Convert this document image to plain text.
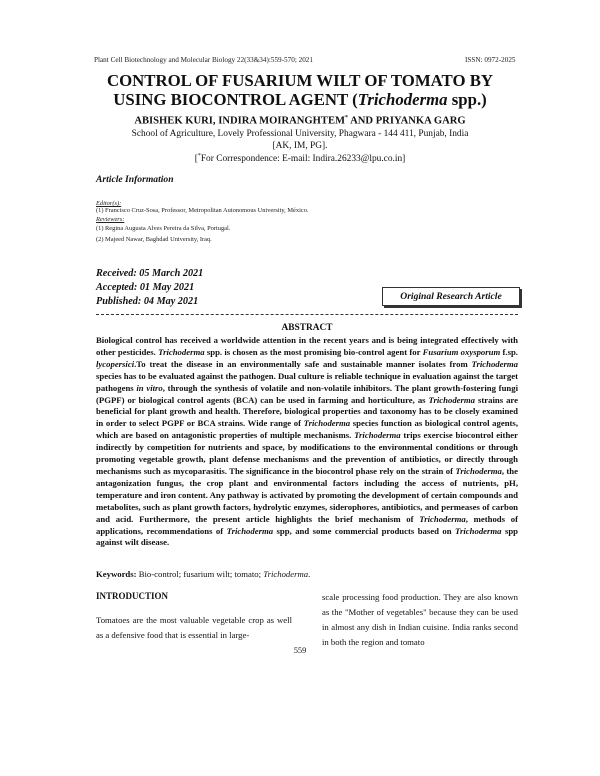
Plant Cell Biotechnology and Molecular Biology 22(33&34):559-570; 2021	ISSN: 0972-2025
CONTROL OF FUSARIUM WILT OF TOMATO BY
USING BIOCONTROL AGENT (Trichoderma spp.)
ABISHEK KURI, INDIRA MOIRANGHTEM* AND PRIYANKA GARG
School of Agriculture, Lovely Professional University, Phagwara - 144 411, Punjab, India
[AK, IM, PG].
[*For Correspondence: E-mail: Indira.26233@lpu.co.in]
Article Information
Editor(s):
(1) Francisco Cruz-Sosa, Professor, Metropolitan Autonomous University, México.
Reviewers:
(1) Regina Augusta Alves Pereira da Silva, Portugal.
(2) Majeed Nawar, Baghdad University, Iraq.
Received: 05 March 2021
Accepted: 01 May 2021
Published: 04 May 2021	Original Research Article
ABSTRACT

Biological control has received a worldwide attention in the recent years and is being integrated effectively with other pesticides. Trichoderma spp. is chosen as the most promising bio-control agent for Fusarium oxysporum f.sp. lycopersici.To treat the disease in an environmentally safe and sustainable manner isolates from Trichoderma species has to be evaluated against the pathogen. Dual culture is reliable technique in evaluation against the target pathogens in vitro, through the synthesis of volatile and non-volatile inhibitors. The plant growth-fostering fungi (PGPF) or biological control agents (BCA) can be used in farming and horticulture, as Trichoderma strains are beneficial for plant growth and health. Therefore, biological properties and taxonomy has to be closely examined in order to select PGPF or BCA strains. Wide range of Trichoderma species function as biological control agents, which are based on antagonistic properties of multiple mechanisms. Trichoderma trips exercise biocontrol either indirectly by competition for nutrients and space, by modifications to the environmental conditions or through promoting vegetable growth, plant defense mechanisms and the prevention of antibiotics, or directly through mechanisms such as mycoparasitis. The significance in the biocontrol phase rely on the strain of Trichoderma, the antagonization fungus, the crop plant and environmental factors including the access of nutrients, pH, temperature and iron content. Any pathway is activated by promoting the development of certain compounds and metabolites, such as plant growth factors, hydrolytic enzymes, siderophores, antibiotics, and permeases of carbon and acid. Furthermore, the present article highlights the brief mechanism of Trichoderma, methods of applications, recommendations of Trichoderma spp, and some commercial products based on Trichoderma spp against wilt disease.

Keywords: Bio-control; fusarium wilt; tomato; Trichoderma.
INTRODUCTION
Tomatoes are the most valuable vegetable crop as well as a defensive food that is essential in large-
scale processing food production. They are also known as the "Mother of vegetables" because they can be used in almost any dish in Indian cuisine. India ranks second in both the region and tomato
559
